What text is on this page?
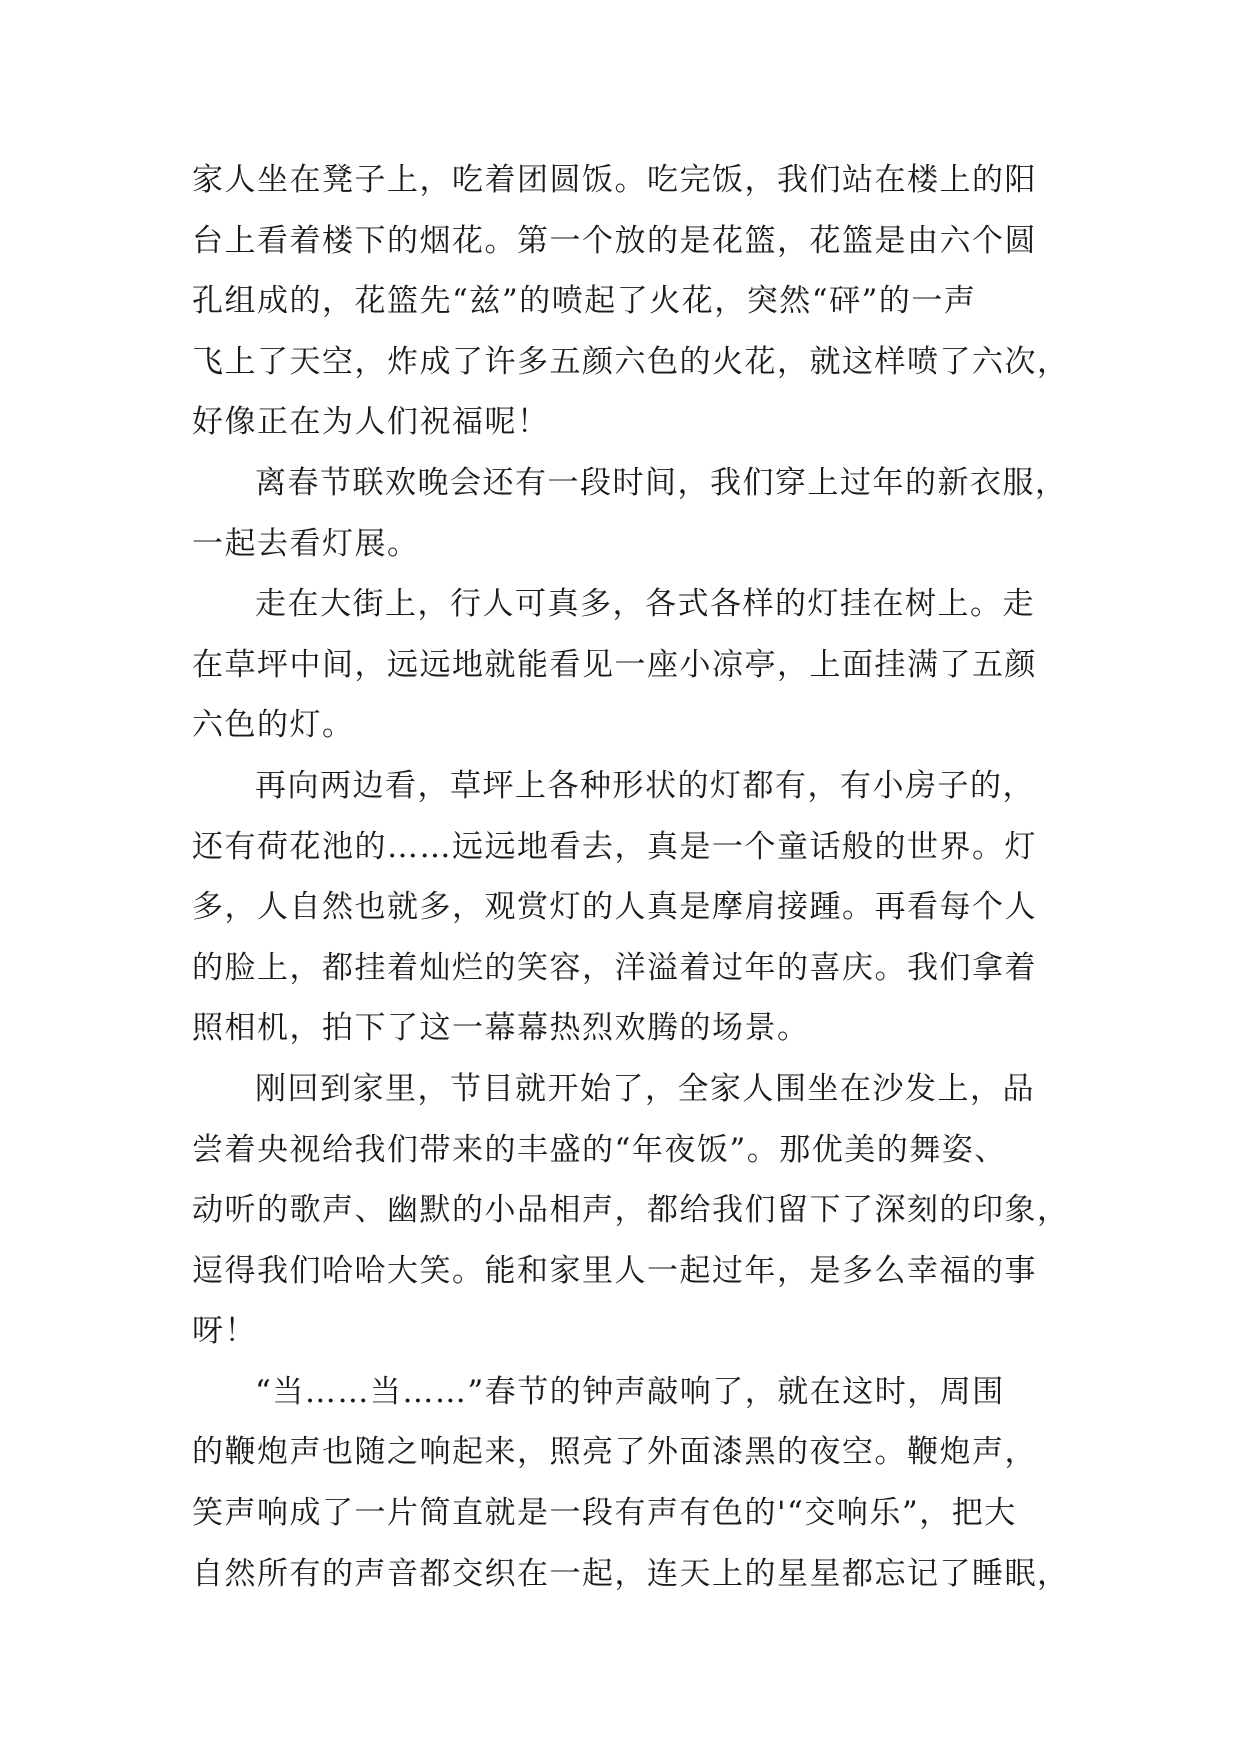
家人坐在凳子上，吃着团圆饭。吃完饭，我们站在楼上的阳
台上看着楼下的烟花。第一个放的是花篮，花篮是由六个圆
孔组成的，花篮先“兹”的喷起了火花，突然“砰”的一声
飞上了天空，炸成了许多五颜六色的火花，就这样喷了六次，
好像正在为人们祝福呢！
离春节联欢晚会还有一段时间，我们穿上过年的新衣服，
一起去看灯展。
走在大街上，行人可真多，各式各样的灯挂在树上。走
在草坪中间，远远地就能看见一座小凉亭，上面挂满了五颜
六色的灯。
再向两边看，草坪上各种形状的灯都有，有小房子的，
还有荷花池的……远远地看去，真是一个童话般的世界。灯
多，人自然也就多，观赏灯的人真是摩肩接踵。再看每个人
的脸上，都挂着灿烂的笑容，洋溢着过年的喜庆。我们拿着
照相机，拍下了这一幕幕热烈欢腾的场景。
刚回到家里，节目就开始了，全家人围坐在沙发上，品
尝着央视给我们带来的丰盛的“年夜饭”。那优美的舞姿、
动听的歌声、幽默的小品相声，都给我们留下了深刻的印象，
逗得我们哈哈大笑。能和家里人一起过年，是多么幸福的事
呀！
“当……当……”春节的钟声敲响了，就在这时，周围
的鞭炮声也随之响起来，照亮了外面漆黑的夜空。鞭炮声，
笑声响成了一片简直就是一段有声有色的'“交响乐”，把大
自然所有的声音都交织在一起，连天上的星星都忘记了睡眠，
